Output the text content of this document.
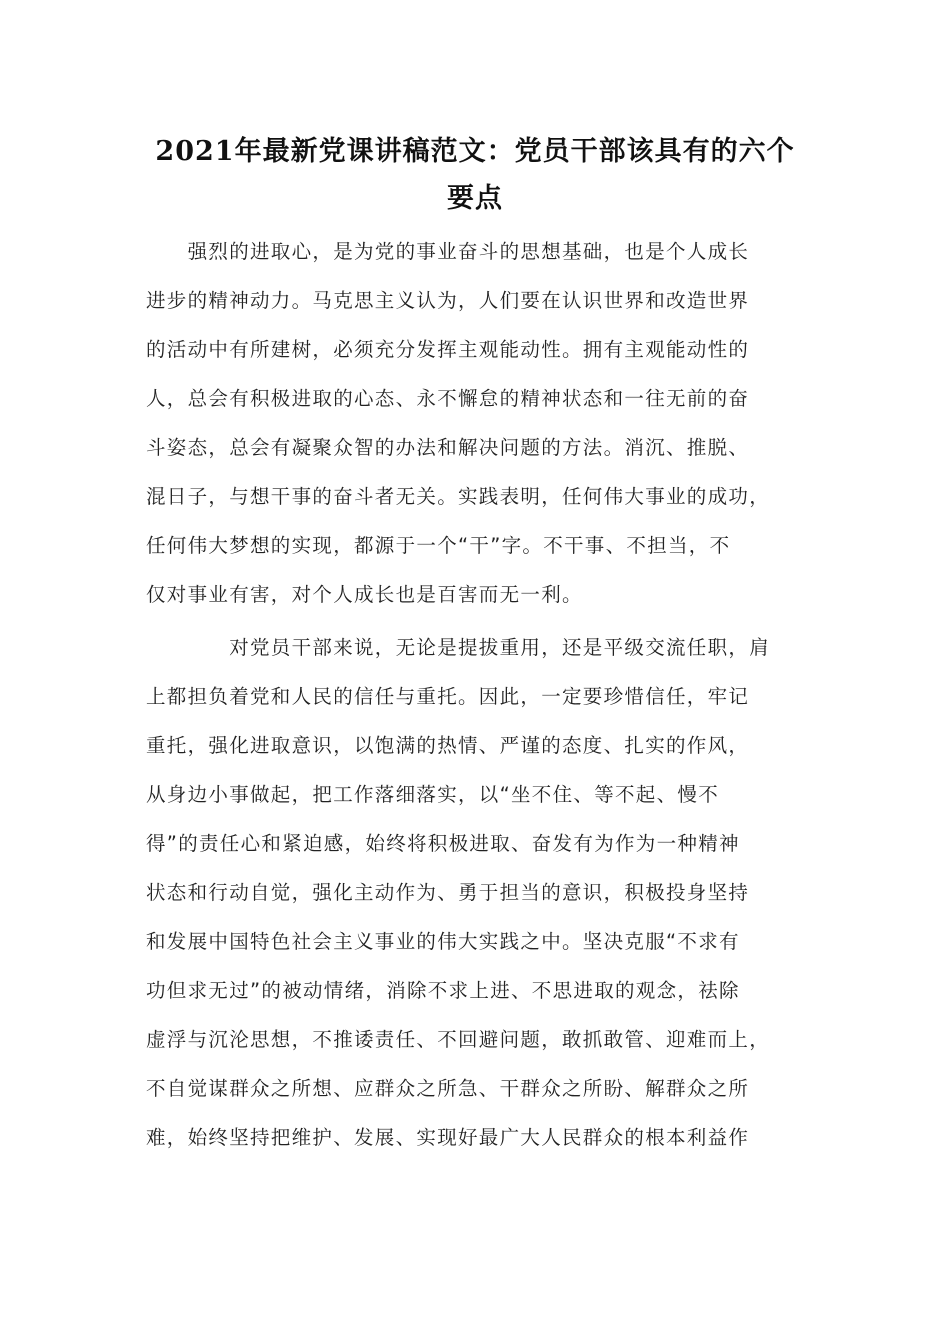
2021年最新党课讲稿范文：党员干部该具有的六个
要点
　　强烈的进取心，是为党的事业奋斗的思想基础，也是个人成长
进步的精神动力。马克思主义认为，人们要在认识世界和改造世界
的活动中有所建树，必须充分发挥主观能动性。拥有主观能动性的
人，总会有积极进取的心态、永不懈怠的精神状态和一往无前的奋
斗姿态，总会有凝聚众智的办法和解决问题的方法。消沉、推脱、
混日子，与想干事的奋斗者无关。实践表明，任何伟大事业的成功，
任何伟大梦想的实现，都源于一个“干”字。不干事、不担当，不
仅对事业有害，对个人成长也是百害而无一利。
　　　　对党员干部来说，无论是提拔重用，还是平级交流任职，肩
上都担负着党和人民的信任与重托。因此，一定要珍惜信任，牢记
重托，强化进取意识，以饱满的热情、严谨的态度、扎实的作风，
从身边小事做起，把工作落细落实，以“坐不住、等不起、慢不
得”的责任心和紧迫感，始终将积极进取、奋发有为作为一种精神
状态和行动自觉，强化主动作为、勇于担当的意识，积极投身坚持
和发展中国特色社会主义事业的伟大实践之中。坚决克服“不求有
功但求无过”的被动情绪，消除不求上进、不思进取的观念，祛除
虚浮与沉沦思想，不推诿责任、不回避问题，敢抓敢管、迎难而上，
不自觉谋群众之所想、应群众之所急、干群众之所盼、解群众之所
难，始终坚持把维护、发展、实现好最广大人民群众的根本利益作
